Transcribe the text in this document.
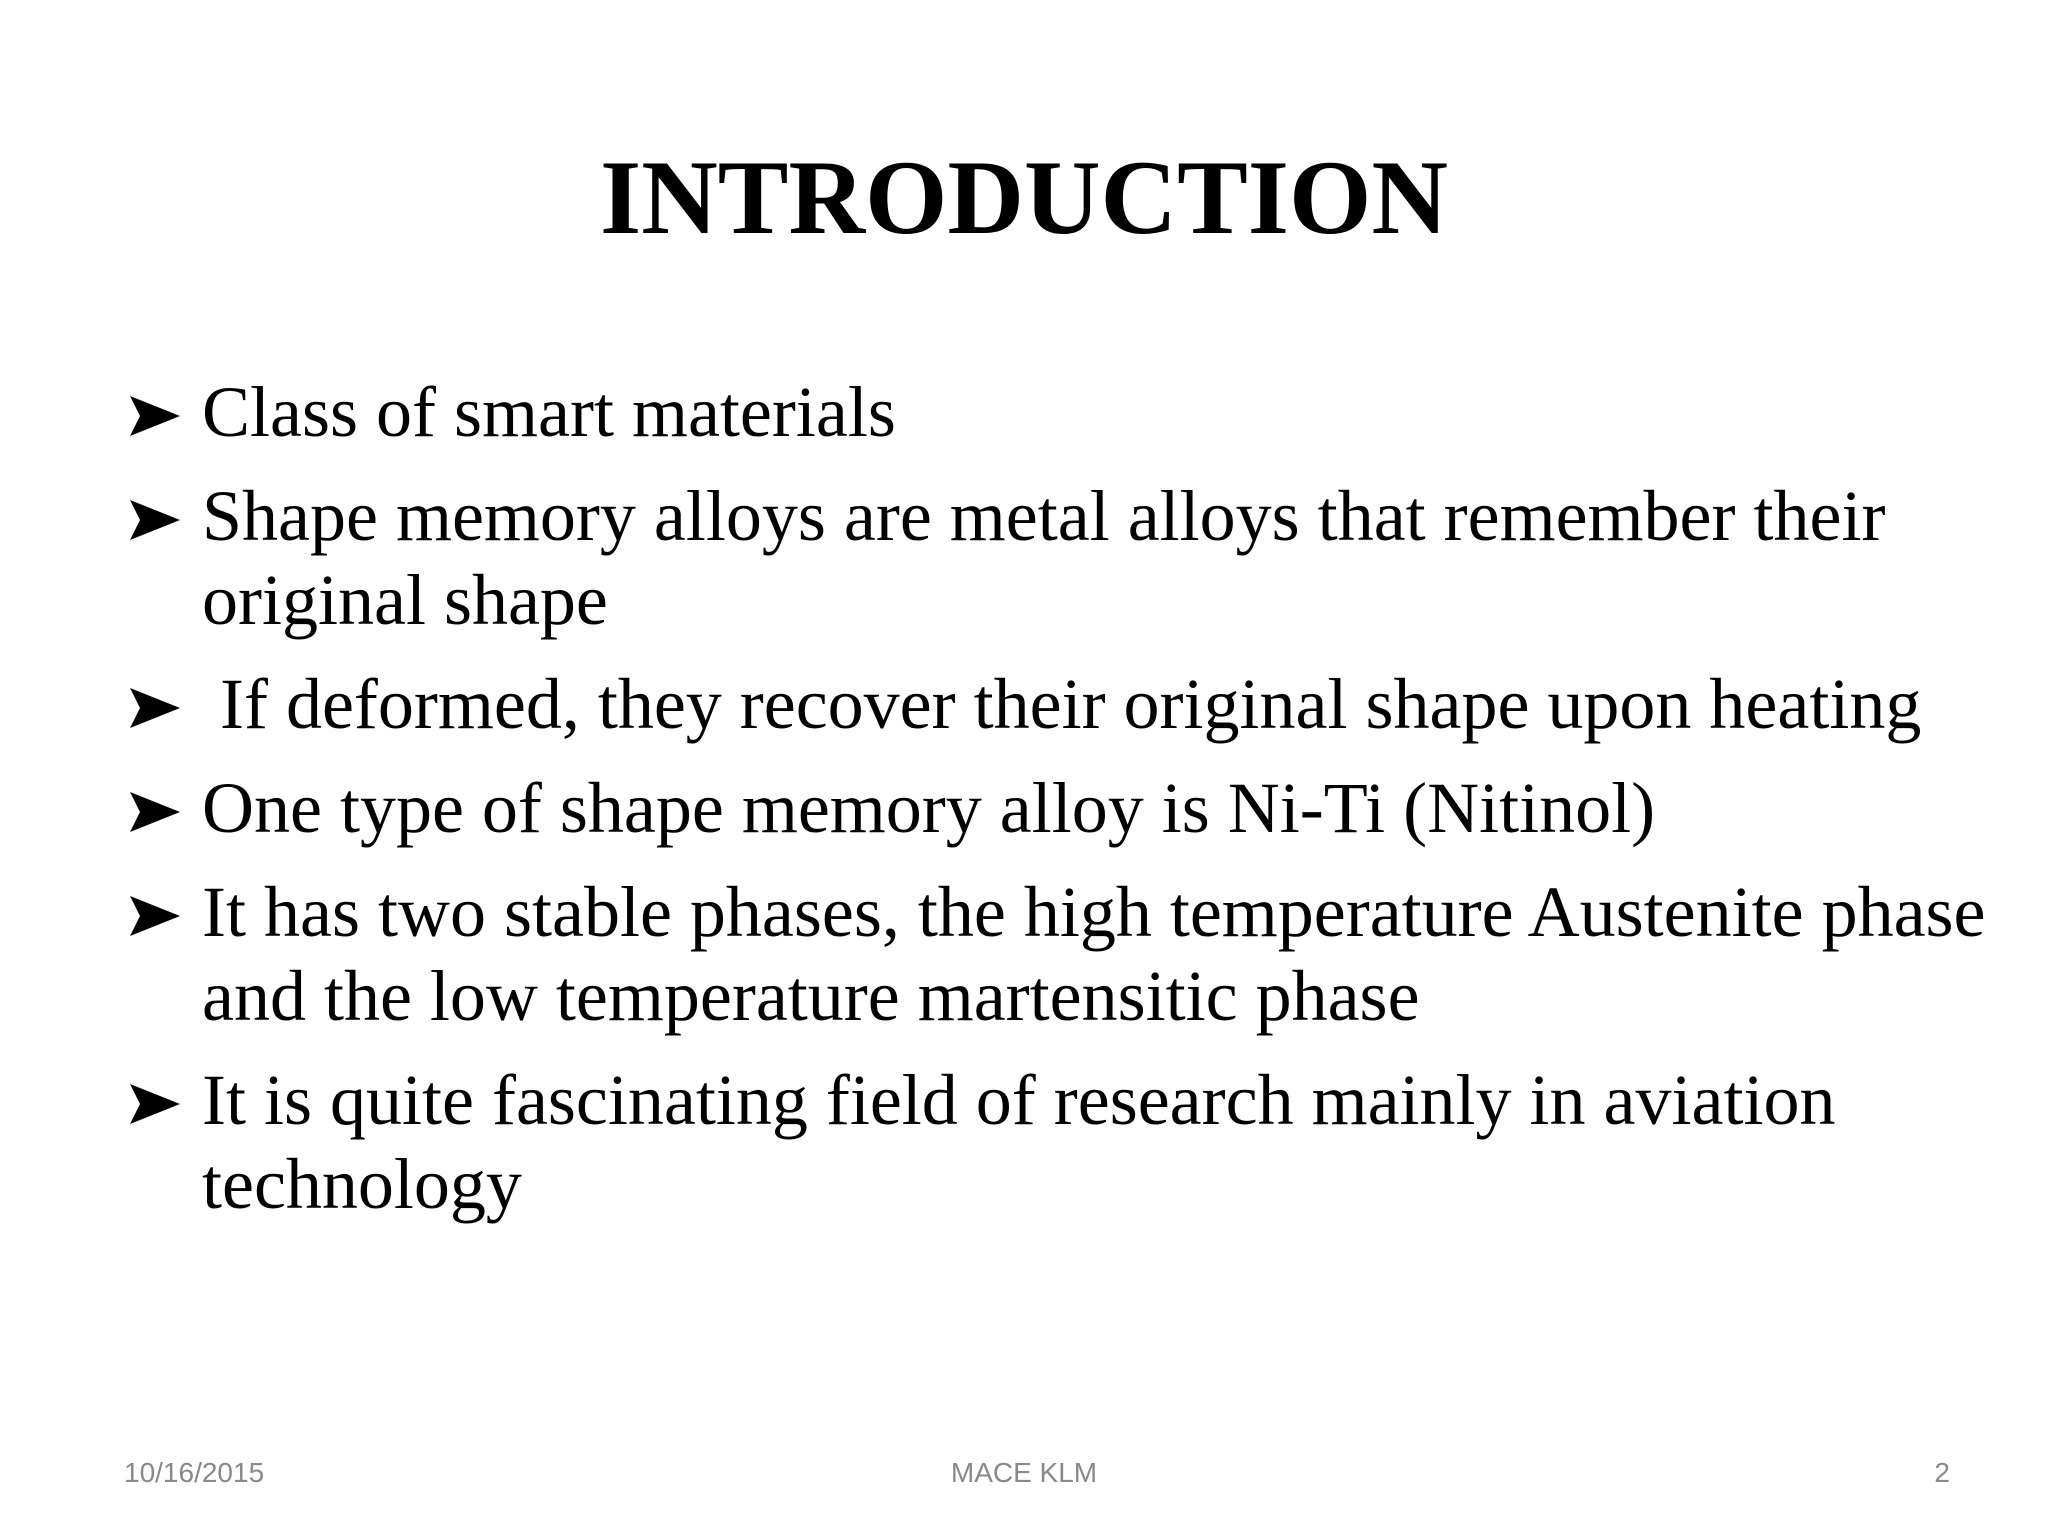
INTRODUCTION
Class of smart materials
Shape memory alloys are metal alloys that remember their original shape
If deformed, they recover their original shape upon heating
One type of shape memory alloy is Ni-Ti (Nitinol)
It has two stable phases, the high temperature Austenite phase and the low temperature martensitic phase
It is quite fascinating field of research mainly in aviation technology
10/16/2015	MACE KLM	2
